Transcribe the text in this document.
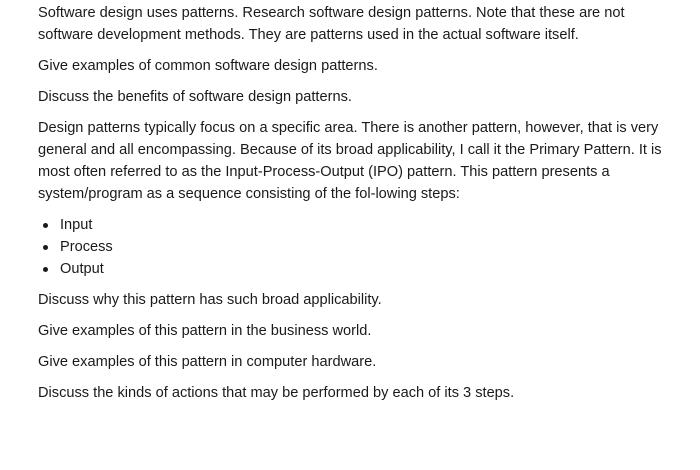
Software design uses patterns. Research software design patterns. Note that these are not software development methods. They are patterns used in the actual software itself.

Give examples of common software design patterns.

Discuss the benefits of software design patterns.

Design patterns typically focus on a specific area. There is another pattern, however, that is very general and all encompassing. Because of its broad applicability, I call it the Primary Pattern. It is most often referred to as the Input-Process-Output (IPO) pattern. This pattern presents a system/program as a sequence consisting of the fol-lowing steps:

Input
Process
Output

Discuss why this pattern has such broad applicability.

Give examples of this pattern in the business world.

Give examples of this pattern in computer hardware.

Discuss the kinds of actions that may be performed by each of its 3 steps.
